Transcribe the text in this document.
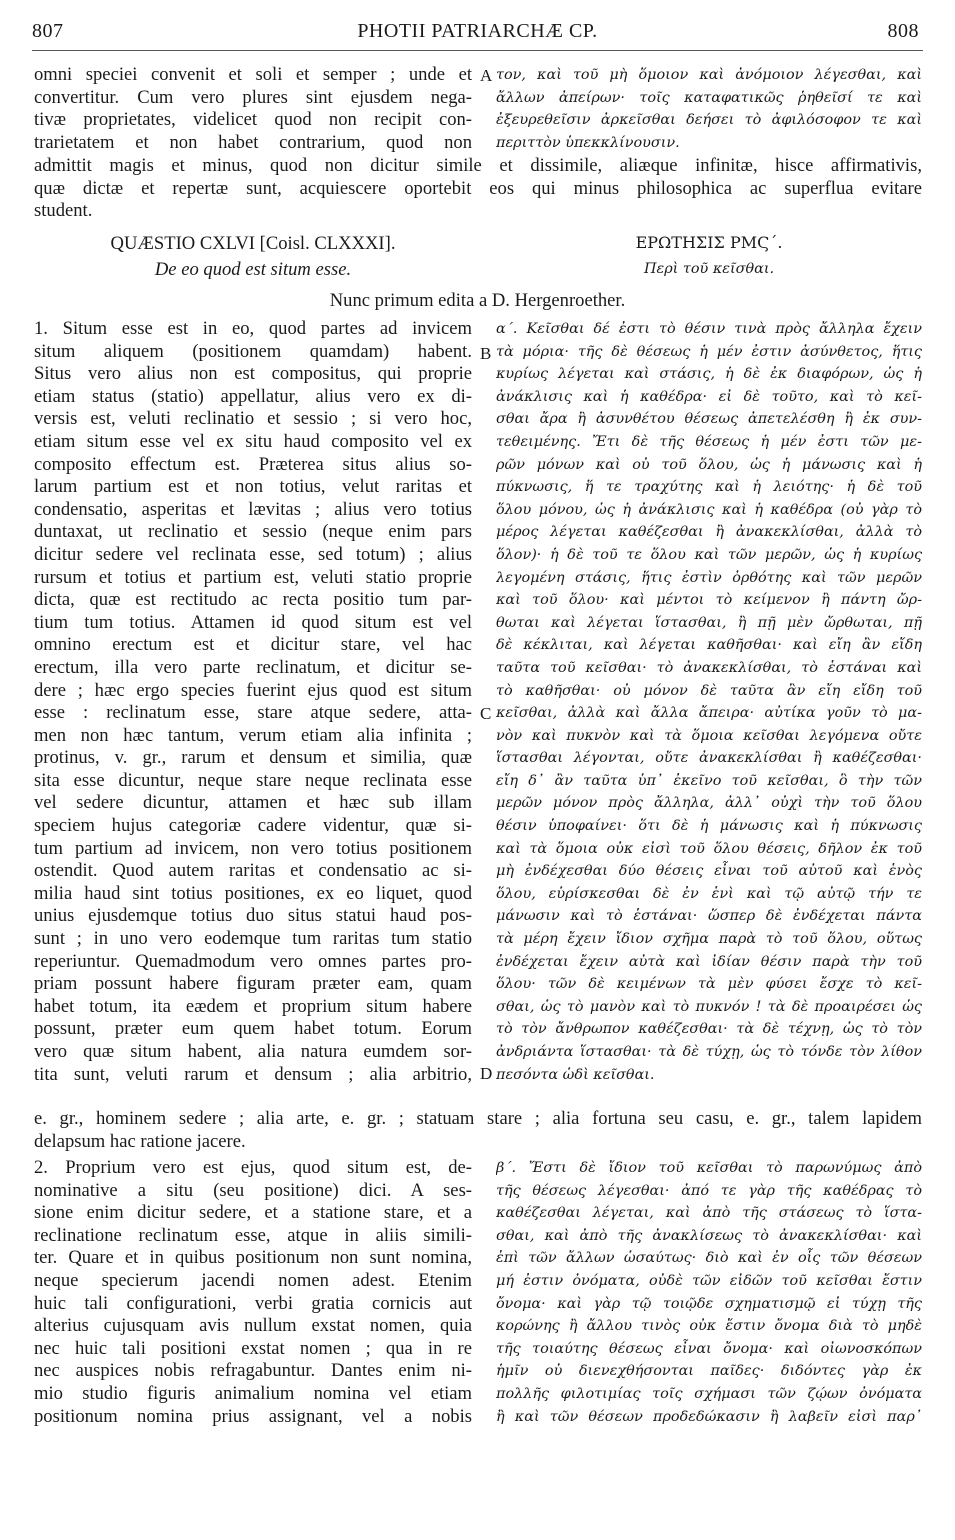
807	PHOTII PATRIARCHÆ CP.	808
omni speciei convenit et soli et semper ; unde et
convertitur. Cum vero plures sint ejusdem nega-
tivæ proprietates, videlicet quod non recipit con-
trarietatem et non habet contrarium, quod non
τον, καὶ τοῦ μὴ ὅμοιον καὶ ἀνόμοιον λέγεσθαι, καὶ
ἄλλων ἀπείρων· τοῖς καταφατικῶς ῥηθεῖσί τε καὶ
ἐξευρεθεῖσιν ἀρκεῖσθαι δεήσει τὸ ἀφιλόσοφον τε καὶ
περιττὸν ὑπεκκλίνουσιν.
A
admittit magis et minus, quod non dicitur simile et dissimile, aliæque infinitæ, hisce affirmativis,
quæ dictæ et repertæ sunt, acquiescere oportebit eos qui minus philosophica ac superflua evitare
student.
QUÆSTIO CXLVI [Coisl. CLXXXI].
De eo quod est situm esse.
ΕΡΩΤΗΣΙΣ ΡΜϚ΄.
Περὶ τοῦ κεῖσθαι.
Nunc primum edita a D. Hergenroether.
1. Situm esse est in eo, quod partes ad invicem
situm aliquem (positionem quamdam) habent.
Situs vero alius non est compositus, qui proprie
etiam status (statio) appellatur, alius vero ex di-
versis est, veluti reclinatio et sessio ; si vero hoc,
etiam situm esse vel ex situ haud composito vel ex
composito effectum est. Præterea situs alius so-
larum partium est et non totius, velut raritas et
condensatio, asperitas et lævitas ; alius vero totius
duntaxat, ut reclinatio et sessio (neque enim pars
dicitur sedere vel reclinata esse, sed totum) ; alius
rursum et totius et partium est, veluti statio proprie
dicta, quæ est rectitudo ac recta positio tum par-
tium tum totius. Attamen id quod situm est vel
omnino erectum est et dicitur stare, vel hac
erectum, illa vero parte reclinatum, et dicitur se-
dere ; hæc ergo species fuerint ejus quod est situm
esse : reclinatum esse, stare atque sedere, atta-
men non hæc tantum, verum etiam alia infinita ;
protinus, v. gr., rarum et densum et similia, quæ
sita esse dicuntur, neque stare neque reclinata esse
vel sedere dicuntur, attamen et hæc sub illam
speciem hujus categoriæ cadere videntur, quæ si-
tum partium ad invicem, non vero totius positionem
ostendit. Quod autem raritas et condensatio ac si-
milia haud sint totius positiones, ex eo liquet, quod
unius ejusdemque totius duo situs statui haud pos-
sunt ; in uno vero eodemque tum raritas tum statio
reperiuntur. Quemadmodum vero omnes partes pro-
priam possunt habere figuram præter eam, quam
habet totum, ita eædem et proprium situm habere
possunt, præter eum quem habet totum. Eorum
vero quæ situm habent, alia natura eumdem sor-
tita sunt, veluti rarum et densum ; alia arbitrio,
α΄. Κεῖσθαι δέ ἐστι τὸ θέσιν τινὰ πρὸς ἄλληλα ἔχειν
τὰ μόρια· τῆς δὲ θέσεως ἡ μέν ἐστιν ἀσύνθετος, ἥτις
κυρίως λέγεται καὶ στάσις, ἡ δὲ ἐκ διαφόρων, ὡς ἡ
ἀνάκλισις καὶ ἡ καθέδρα· εἰ δὲ τοῦτο, καὶ τὸ κεῖ-
σθαι ἄρα ἢ ἀσυνθέτου θέσεως ἀπετελέσθη ἢ ἐκ συν-
τεθειμένης. Ἔτι δὲ τῆς θέσεως ἡ μέν ἐστι τῶν με-
ρῶν μόνων καὶ οὐ τοῦ ὅλου, ὡς ἡ μάνωσις καὶ ἡ
πύκνωσις, ἥ τε τραχύτης καὶ ἡ λειότης· ἡ δὲ τοῦ
ὅλου μόνου, ὡς ἡ ἀνάκλισις καὶ ἡ καθέδρα (οὐ γὰρ τὸ
μέρος λέγεται καθέζεσθαι ἢ ἀνακεκλίσθαι, ἀλλὰ τὸ
ὅλον)· ἡ δὲ τοῦ τε ὅλου καὶ τῶν μερῶν, ὡς ἡ κυρίως
λεγομένη στάσις, ἥτις ἐστὶν ὀρθότης καὶ τῶν μερῶν
καὶ τοῦ ὅλου· καὶ μέντοι τὸ κείμενον ἢ πάντη ὤρ-
θωται καὶ λέγεται ἵστασθαι, ἢ πῇ μὲν ὤρθωται, πῇ
δὲ κέκλιται, καὶ λέγεται καθῆσθαι· καὶ εἴη ἂν εἴδη
ταῦτα τοῦ κεῖσθαι· τὸ ἀνακεκλίσθαι, τὸ ἑστάναι καὶ
τὸ καθῆσθαι· οὐ μόνον δὲ ταῦτα ἂν εἴη εἴδη τοῦ
κεῖσθαι, ἀλλὰ καὶ ἄλλα ἄπειρα· αὐτίκα γοῦν τὸ μα-
νὸν καὶ πυκνὸν καὶ τὰ ὅμοια κεῖσθαι λεγόμενα οὔτε
ἵστασθαι λέγονται, οὔτε ἀνακεκλίσθαι ἢ καθέζεσθαι·
εἴη δ᾽ ἂν ταῦτα ὑπ᾽ ἐκεῖνο τοῦ κεῖσθαι, ὃ τὴν τῶν
μερῶν μόνον πρὸς ἄλληλα, ἀλλ᾽ οὐχὶ τὴν τοῦ ὅλου
θέσιν ὑποφαίνει· ὅτι δὲ ἡ μάνωσις καὶ ἡ πύκνωσις
καὶ τὰ ὅμοια οὐκ εἰσὶ τοῦ ὅλου θέσεις, δῆλον ἐκ τοῦ
μὴ ἐνδέχεσθαι δύο θέσεις εἶναι τοῦ αὐτοῦ καὶ ἑνὸς
ὅλου, εὑρίσκεσθαι δὲ ἐν ἑνὶ καὶ τῷ αὐτῷ τήν τε
μάνωσιν καὶ τὸ ἑστάναι· ὥσπερ δὲ ἐνδέχεται πάντα
τὰ μέρη ἔχειν ἴδιον σχῆμα παρὰ τὸ τοῦ ὅλου, οὕτως
ἐνδέχεται ἔχειν αὐτὰ καὶ ἰδίαν θέσιν παρὰ τὴν τοῦ
ὅλου· τῶν δὲ κειμένων τὰ μὲν φύσει ἔσχε τὸ κεῖ-
σθαι, ὡς τὸ μανὸν καὶ τὸ πυκνόν ! τὰ δὲ προαιρέσει ὡς
τὸ τὸν ἄνθρωπον καθέζεσθαι· τὰ δὲ τέχνῃ, ὡς τὸ τὸν
ἀνδριάντα ἵστασθαι· τὰ δὲ τύχῃ, ὡς τὸ τόνδε τὸν λίθον
πεσόντα ὡδὶ κεῖσθαι.
B
C
D
e. gr., hominem sedere ; alia arte, e. gr. ; statuam stare ; alia fortuna seu casu, e. gr., talem lapidem
delapsum hac ratione jacere.
2. Proprium vero est ejus, quod situm est, de-
nominative a situ (seu positione) dici. A ses-
sione enim dicitur sedere, et a statione stare, et a
reclinatione reclinatum esse, atque in aliis simili-
ter. Quare et in quibus positionum non sunt nomina,
neque specierum jacendi nomen adest. Etenim
huic tali configurationi, verbi gratia cornicis aut
alterius cujusquam avis nullum exstat nomen, quia
nec huic tali positioni exstat nomen ; qua in re
nec auspices nobis refragabuntur. Dantes enim ni-
mio studio figuris animalium nomina vel etiam
positionum nomina prius assignant, vel a nobis
β΄. Ἔστι δὲ ἴδιον τοῦ κεῖσθαι τὸ παρωνύμως ἀπὸ
τῆς θέσεως λέγεσθαι· ἀπό τε γὰρ τῆς καθέδρας τὸ
καθέζεσθαι λέγεται, καὶ ἀπὸ τῆς στάσεως τὸ ἵστα-
σθαι, καὶ ἀπὸ τῆς ἀνακλίσεως τὸ ἀνακεκλίσθαι· καὶ
ἐπὶ τῶν ἄλλων ὡσαύτως· διὸ καὶ ἐν οἷς τῶν θέσεων
μή ἐστιν ὀνόματα, οὐδὲ τῶν εἰδῶν τοῦ κεῖσθαι ἔστιν
ὄνομα· καὶ γὰρ τῷ τοιῷδε σχηματισμῷ εἰ τύχῃ τῆς
κορώνης ἢ ἄλλου τινὸς οὐκ ἔστιν ὄνομα διὰ τὸ μηδὲ
τῆς τοιαύτης θέσεως εἶναι ὄνομα· καὶ οἰωνοσκόπων
ἡμῖν οὐ διενεχθήσονται παῖδες· διδόντες γὰρ ἐκ
πολλῆς φιλοτιμίας τοῖς σχήμασι τῶν ζῴων ὀνόματα
ἢ καὶ τῶν θέσεων προδεδώκασιν ἢ λαβεῖν εἰσὶ παρ᾽
